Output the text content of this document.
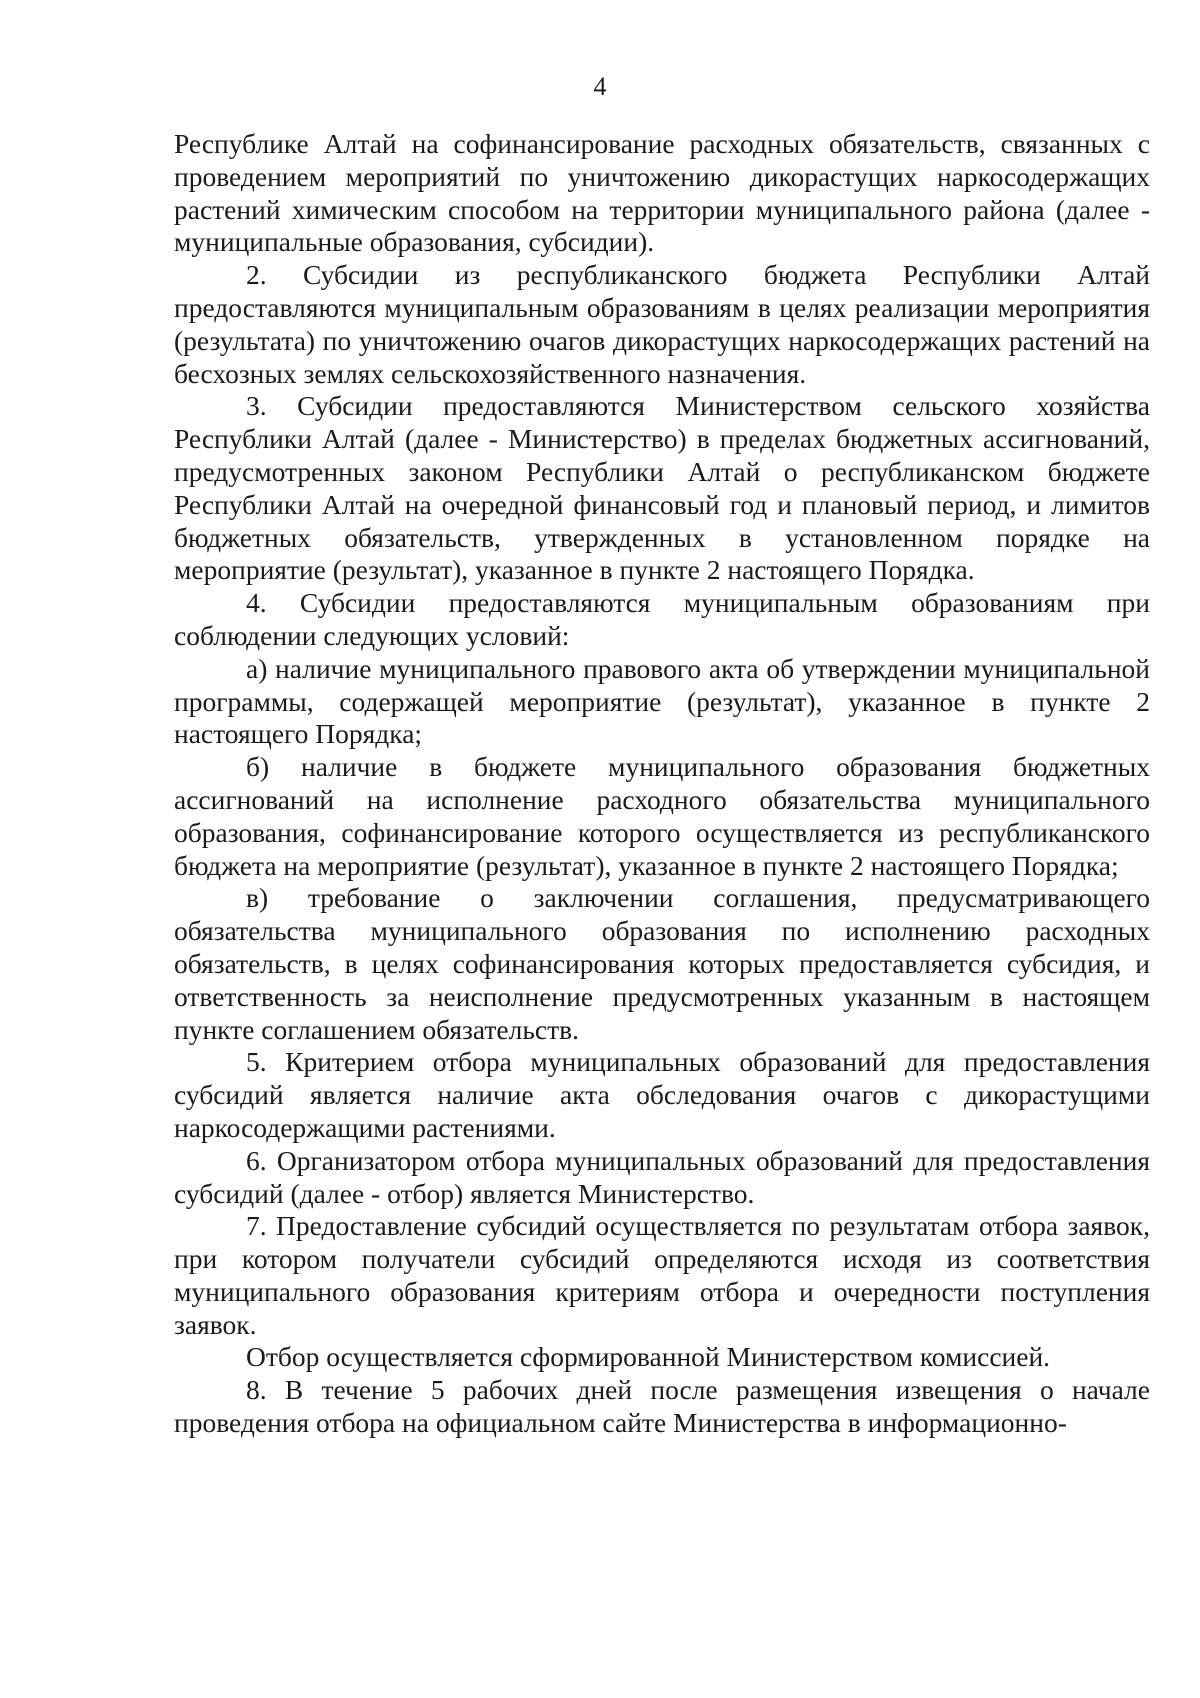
4

Республике Алтай на софинансирование расходных обязательств, связанных с проведением мероприятий по уничтожению дикорастущих наркосодержащих растений химическим способом на территории муниципального района (далее - муниципальные образования, субсидии).

2. Субсидии из республиканского бюджета Республики Алтай предоставляются муниципальным образованиям в целях реализации мероприятия (результата) по уничтожению очагов дикорастущих наркосодержащих растений на бесхозных землях сельскохозяйственного назначения.

3. Субсидии предоставляются Министерством сельского хозяйства Республики Алтай (далее - Министерство) в пределах бюджетных ассигнований, предусмотренных законом Республики Алтай о республиканском бюджете Республики Алтай на очередной финансовый год и плановый период, и лимитов бюджетных обязательств, утвержденных в установленном порядке на мероприятие (результат), указанное в пункте 2 настоящего Порядка.

4. Субсидии предоставляются муниципальным образованиям при соблюдении следующих условий:

а) наличие муниципального правового акта об утверждении муниципальной программы, содержащей мероприятие (результат), указанное в пункте 2 настоящего Порядка;

б) наличие в бюджете муниципального образования бюджетных ассигнований на исполнение расходного обязательства муниципального образования, софинансирование которого осуществляется из республиканского бюджета на мероприятие (результат), указанное в пункте 2 настоящего Порядка;

в) требование о заключении соглашения, предусматривающего обязательства муниципального образования по исполнению расходных обязательств, в целях софинансирования которых предоставляется субсидия, и ответственность за неисполнение предусмотренных указанным в настоящем пункте соглашением обязательств.

5. Критерием отбора муниципальных образований для предоставления субсидий является наличие акта обследования очагов с дикорастущими наркосодержащими растениями.

6. Организатором отбора муниципальных образований для предоставления субсидий (далее - отбор) является Министерство.

7. Предоставление субсидий осуществляется по результатам отбора заявок, при котором получатели субсидий определяются исходя из соответствия муниципального образования критериям отбора и очередности поступления заявок.

Отбор осуществляется сформированной Министерством комиссией.

8. В течение 5 рабочих дней после размещения извещения о начале проведения отбора на официальном сайте Министерства в информационно-
